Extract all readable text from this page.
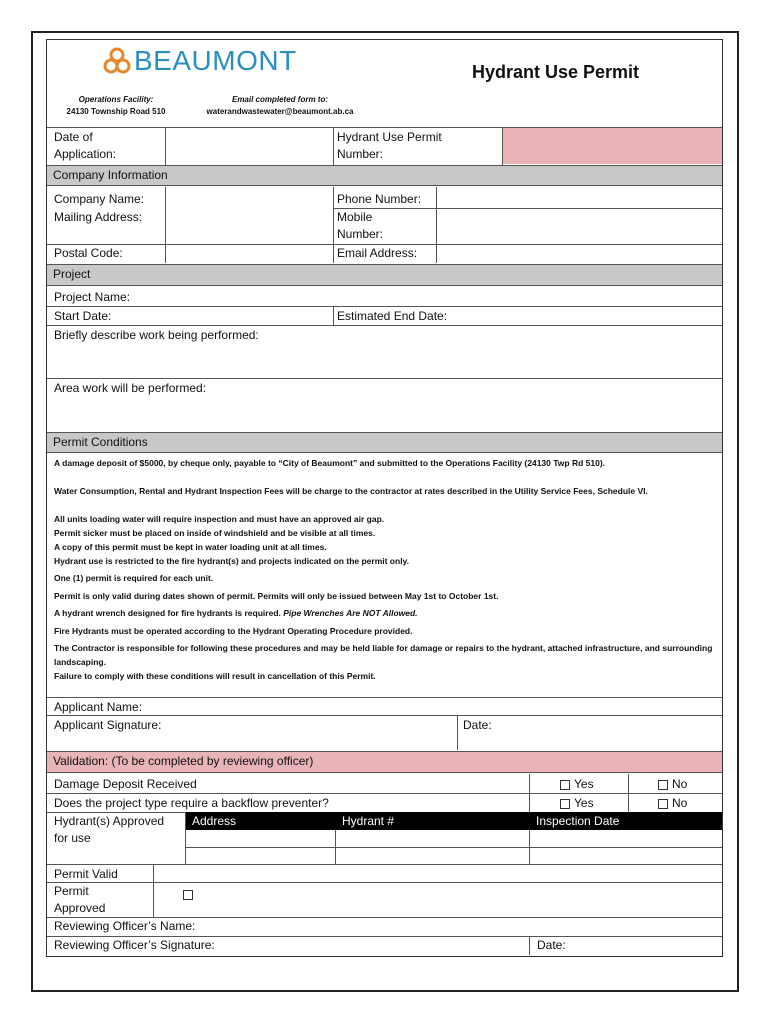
BEAUMONT	Hydrant Use Permit
Operations Facility:
24130 Township Road 510
Email completed form to:
waterandwastewater@beaumont.ab.ca
Date of Application:
Hydrant Use Permit Number:
Company Information
Company Name:	Phone Number:
Mailing Address:	Mobile Number:
Postal Code:	Email Address:
Project
Project Name:
Start Date:	Estimated End Date:
Briefly describe work being performed:
Area work will be performed:
Permit Conditions
A damage deposit of $5000, by cheque only, payable to “City of Beaumont” and submitted to the Operations Facility (24130 Twp Rd 510).
Water Consumption, Rental and Hydrant Inspection Fees will be charge to the contractor at rates described in the Utility Service Fees, Schedule VI.
All units loading water will require inspection and must have an approved air gap.
Permit sicker must be placed on inside of windshield and be visible at all times.
A copy of this permit must be kept in water loading unit at all times.
Hydrant use is restricted to the fire hydrant(s) and projects indicated on the permit only.
One (1) permit is required for each unit.
Permit is only valid during dates shown of permit. Permits will only be issued between May 1st to October 1st.
A hydrant wrench designed for fire hydrants is required. Pipe Wrenches Are NOT Allowed.
Fire Hydrants must be operated according to the Hydrant Operating Procedure provided.
The Contractor is responsible for following these procedures and may be held liable for damage or repairs to the hydrant, attached infrastructure, and surrounding landscaping.
Failure to comply with these conditions will result in cancellation of this Permit.
Applicant Name:
Applicant Signature:	Date:
Validation: (To be completed by reviewing officer)
Damage Deposit Received	Yes	No
Does the project type require a backflow preventer?	Yes	No
Hydrant(s) Approved for use
Address	Hydrant #	Inspection Date
Permit Valid
Permit Approved
Reviewing Officer’s Name:
Reviewing Officer’s Signature:	Date:
